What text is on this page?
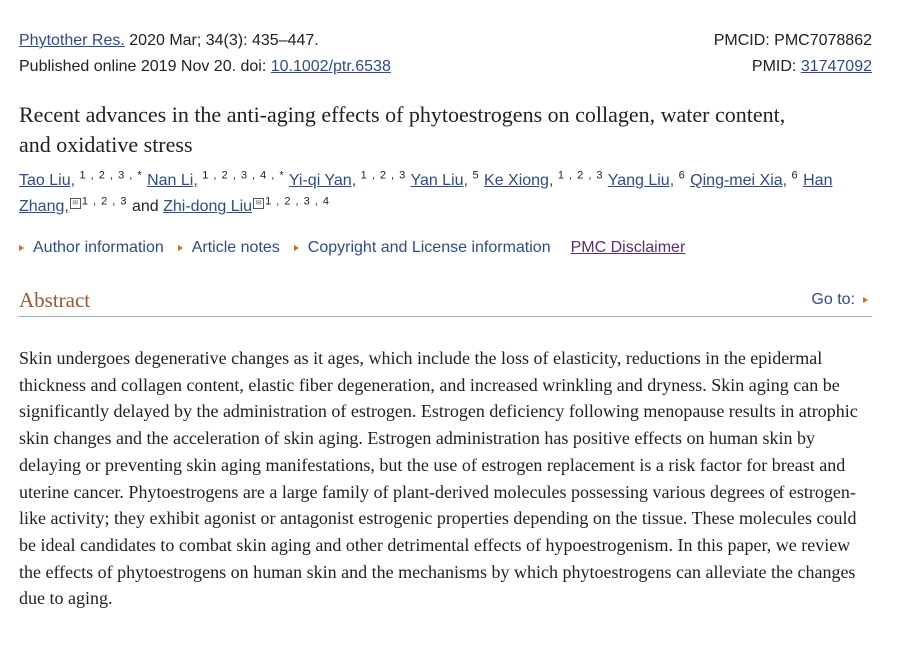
Phytother Res. 2020 Mar; 34(3): 435–447.	PMCID: PMC7078862
Published online 2019 Nov 20. doi: 10.1002/ptr.6538	PMID: 31747092
Recent advances in the anti-aging effects of phytoestrogens on collagen, water content, and oxidative stress
Tao Liu, $^{1 , 2 , 3 , *}$ Nan Li, $^{1 , 2 , 3 , 4 , *}$ Yi-qi Yan, $^{1 , 2 , 3}$ Yan Liu, $^5$ Ke Xiong, $^{1 , 2 , 3}$ Yang Liu, $^6$ Qing-mei Xia, $^6$ Han Zhang, ✉ $^{1 , 2 , 3}$ and Zhi-dong Liu ✉ $^{1 , 2 , 3 , 4}$
Author information Article notes Copyright and License information PMC Disclaimer
Abstract	Go to:
Skin undergoes degenerative changes as it ages, which include the loss of elasticity, reductions in the epidermal thickness and collagen content, elastic fiber degeneration, and increased wrinkling and dryness. Skin aging can be significantly delayed by the administration of estrogen. Estrogen deficiency following menopause results in atrophic skin changes and the acceleration of skin aging. Estrogen administration has positive effects on human skin by delaying or preventing skin aging manifestations, but the use of estrogen replacement is a risk factor for breast and uterine cancer. Phytoestrogens are a large family of plant-derived molecules possessing various degrees of estrogen-like activity; they exhibit agonist or antagonist estrogenic properties depending on the tissue. These molecules could be ideal candidates to combat skin aging and other detrimental effects of hypoestrogenism. In this paper, we review the effects of phytoestrogens on human skin and the mechanisms by which phytoestrogens can alleviate the changes due to aging.
